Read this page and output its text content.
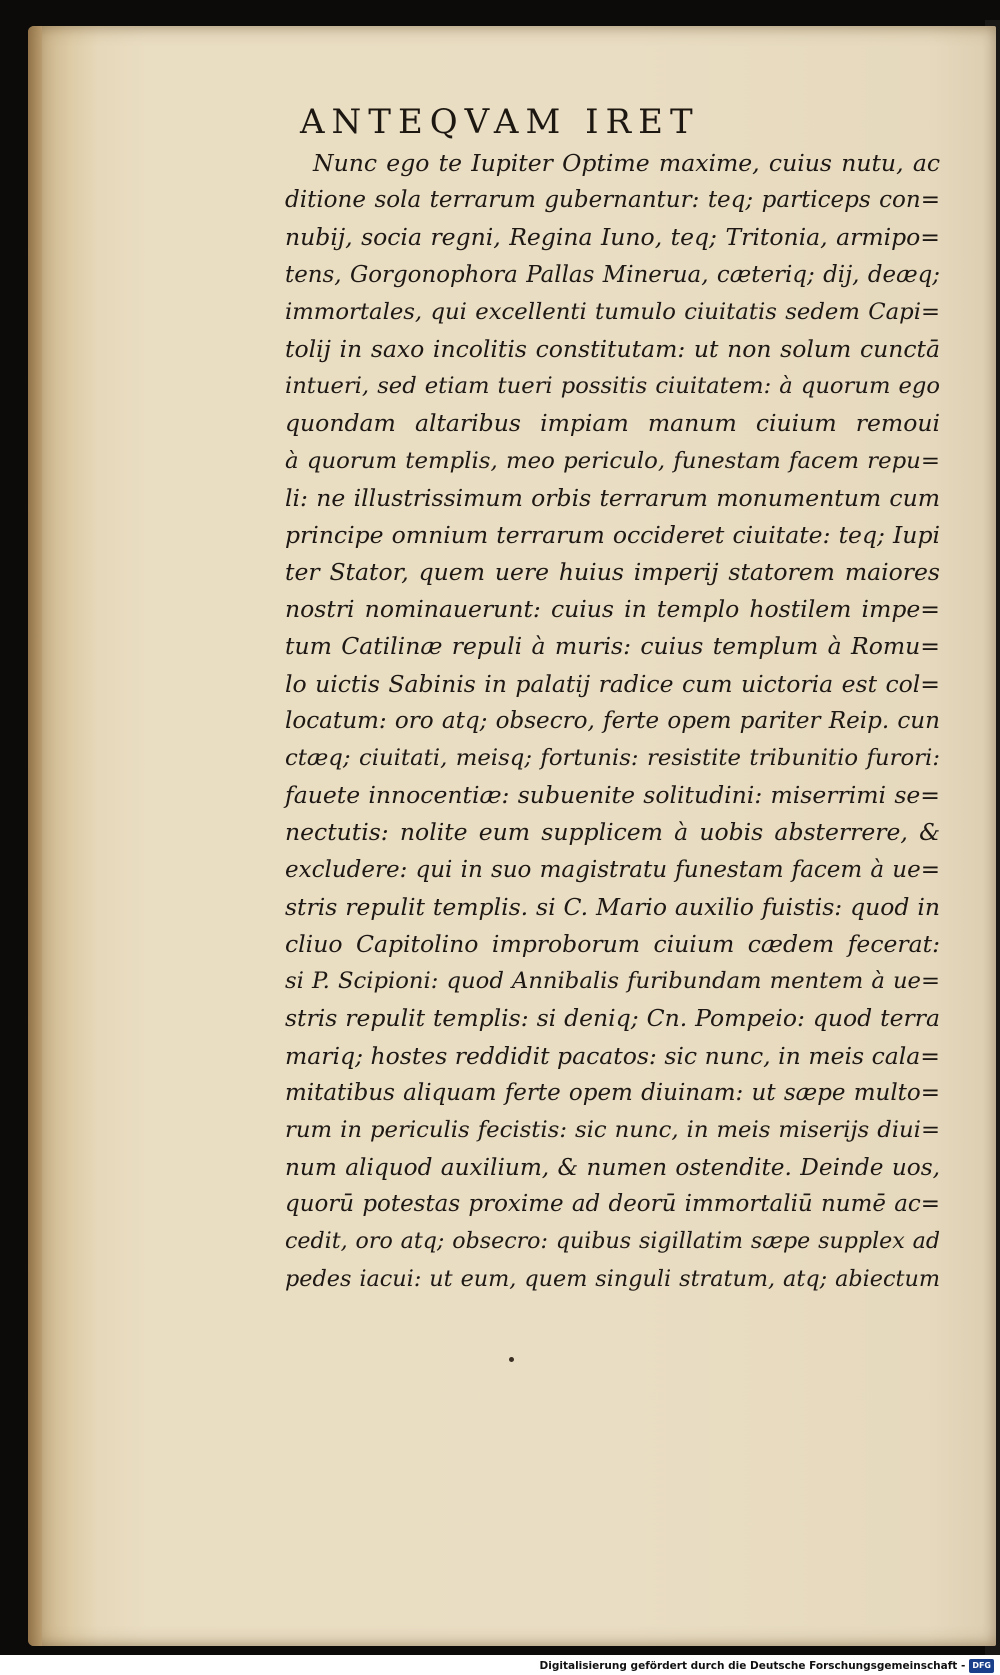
ANTEQVAM IRET
Nunc ego te Iupiter Optime maxime, cuius nutu, ac
ditione sola terrarum gubernantur: teq; particeps con=
nubij, socia regni, Regina Iuno, teq; Tritonia, armipo=
tens, Gorgonophora Pallas Minerua, cæteriq; dij, deæq;
immortales, qui excellenti tumulo ciuitatis sedem Capi=
tolij in saxo incolitis constitutam: ut non solum cunctā
intueri, sed etiam tueri possitis ciuitatem: à quorum ego
quondam altaribus impiam manum ciuium remoui
à quorum templis, meo periculo, funestam facem repu=
li: ne illustrissimum orbis terrarum monumentum cum
principe omnium terrarum occideret ciuitate: teq; Iupi
ter Stator, quem uere huius imperij statorem maiores
nostri nominauerunt: cuius in templo hostilem impe=
tum Catilinæ repuli à muris: cuius templum à Romu=
lo uictis Sabinis in palatij radice cum uictoria est col=
locatum: oro atq; obsecro, ferte opem pariter Reip. cun
ctæq; ciuitati, meisq; fortunis: resistite tribunitio furori:
fauete innocentiæ: subuenite solitudini: miserrimi se=
nectutis: nolite eum supplicem à uobis absterrere, &
excludere: qui in suo magistratu funestam facem à ue=
stris repulit templis. si C. Mario auxilio fuistis: quod in
cliuo Capitolino improborum ciuium cædem fecerat:
si P. Scipioni: quod Annibalis furibundam mentem à ue=
stris repulit templis: si deniq; Cn. Pompeio: quod terra
mariq; hostes reddidit pacatos: sic nunc, in meis cala=
mitatibus aliquam ferte opem diuinam: ut sæpe multo=
rum in periculis fecistis: sic nunc, in meis miserijs diui=
num aliquod auxilium, & numen ostendite. Deinde uos,
quorū potestas proxime ad deorū immortaliū numē ac=
cedit, oro atq; obsecro: quibus sigillatim sæpe supplex ad
pedes iacui: ut eum, quem singuli stratum, atq; abiectum
Digitalisierung gefördert durch die Deutsche Forschungsgemeinschaft - DFG
